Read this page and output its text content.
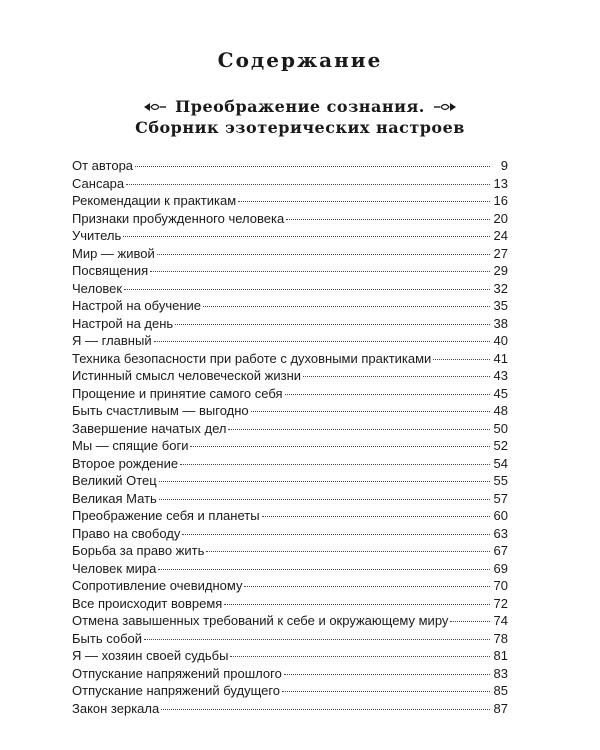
Содержание
Преображение сознания.
Сборник эзотерических настроев
От автора	9
Сансара	13
Рекомендации к практикам	16
Признаки пробужденного человека	20
Учитель	24
Мир — живой	27
Посвящения	29
Человек	32
Настрой на обучение	35
Настрой на день	38
Я — главный	40
Техника безопасности при работе с духовными практиками	41
Истинный смысл человеческой жизни	43
Прощение и принятие самого себя	45
Быть счастливым — выгодно	48
Завершение начатых дел	50
Мы — спящие боги	52
Второе рождение	54
Великий Отец	55
Великая Мать	57
Преображение себя и планеты	60
Право на свободу	63
Борьба за право жить	67
Человек мира	69
Сопротивление очевидному	70
Все происходит вовремя	72
Отмена завышенных требований к себе и окружающему миру	74
Быть собой	78
Я — хозяин своей судьбы	81
Отпускание напряжений прошлого	83
Отпускание напряжений будущего	85
Закон зеркала	87
